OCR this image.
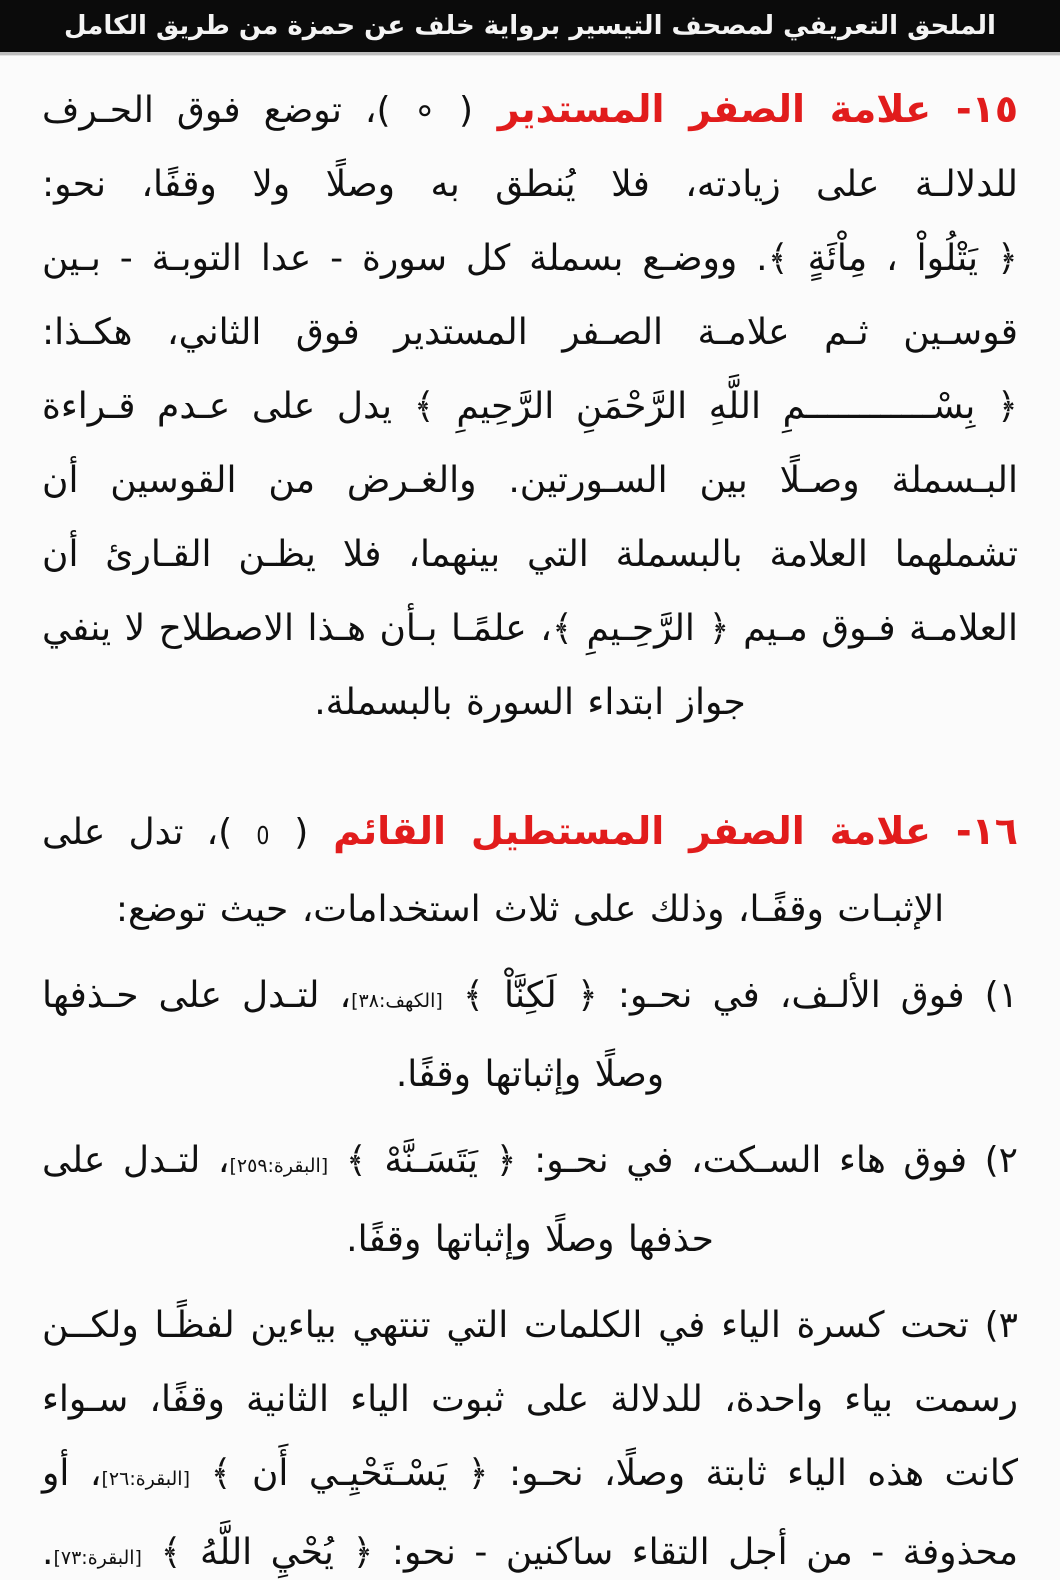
الملحق التعريفي لمصحف التيسير برواية خلف عن حمزة من طريق الكامل

١٥- علامة الصفر المستدير ( ∘ )، توضع فوق الحـرف للدلالـة على زيادته، فلا يُنطق به وصلًا ولا وقفًا، نحو: ﴿ يَتْلُواْ ، مِاْئَةٍ ﴾. ووضـع بسملة كل سورة - عدا التوبـة - بـين قوسـين ثـم علامـة الصـفر المستدير فوق الثاني، هكـذا: ﴿ بِسْــــــــــــمِ اللَّهِ الرَّحْمَنِ الرَّحِيمِ ﴾ يدل على عـدم قـراءة البـسملة وصـلًا بين السـورتين. والغـرض من القوسين أن تشملهما العلامة بالبسملة التي بينهما، فلا يظـن القـارئ أن العلامـة فـوق مـيم ﴿ الرَّحِـيمِ ﴾، علمًـا بـأن هـذا الاصطلاح لا ينفي جواز ابتداء السورة بالبسملة.

١٦- علامة الصفر المستطيل القائم ( 0 )، تدل على الإثبـات وقفًـا، وذلك على ثلاث استخدامات، حيث توضع:

١) فوق الألـف، في نحـو: ﴿ لَكِنَّاْ ﴾ [الكهف:٣٨]، لتـدل على حـذفها وصلًا وإثباتها وقفًا.

٢) فوق هاء السـكت، في نحـو: ﴿ يَتَسَـنَّهْ ﴾ [البقرة:٢٥٩]، لتـدل على حذفها وصلًا وإثباتها وقفًا.

٣) تحت كسرة الياء في الكلمات التي تنتهي بياءين لفظًـا ولكــن رسمت بياء واحدة، للدلالة على ثبوت الياء الثانية وقفًا، سـواء كانت هذه الياء ثابتة وصلًا، نحـو: ﴿ يَسْـتَحْيِـي أَن ﴾ [البقرة:٢٦]، أو محذوفة - من أجل التقاء ساكنين - نحو: ﴿ يُحْيِ اللَّهُ ﴾ [البقرة:٧٣].
